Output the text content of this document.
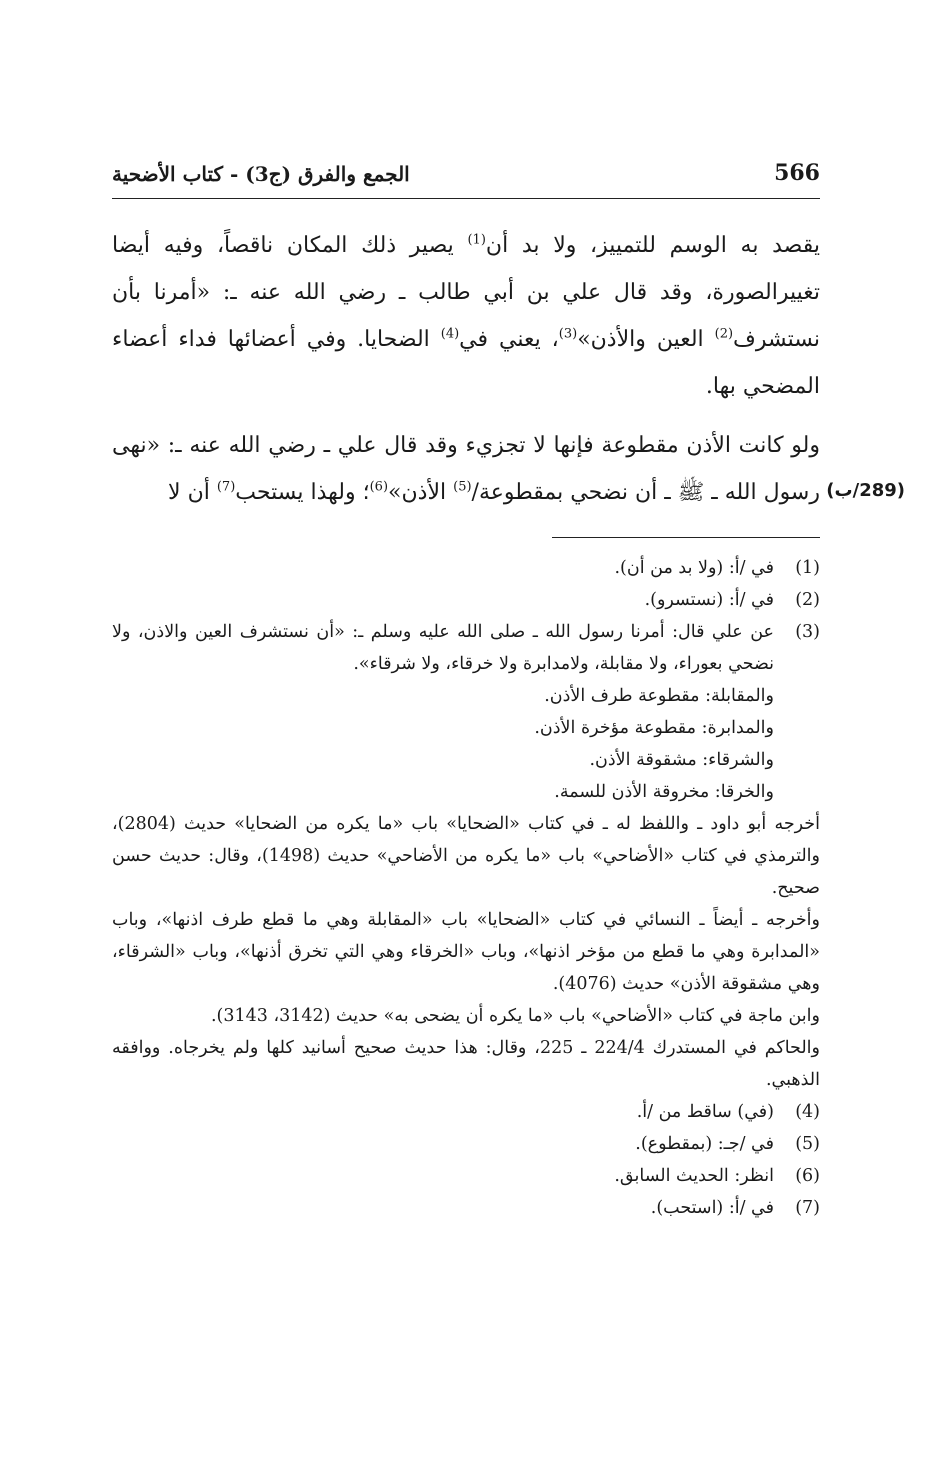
566
الجمع والفرق (ج3) - كتاب الأضحية

يقصد به الوسم للتمييز، ولا بد أن$^{(1)}$ يصير ذلك المكان ناقصاً، وفيه أيضا تغييرالصورة، وقد قال علي بن أبي طالب ـ رضي الله عنه ـ: «أمرنا بأن نستشرف$^{(2)}$ العين والأذن»$^{(3)}$، يعني في$^{(4)}$ الضحايا. وفي أعضائها فداء أعضاء المضحي بها.

ولو كانت الأذن مقطوعة فإنها لا تجزيء وقد قال علي ـ رضي الله عنه ـ: «نهى رسول الله ـ ﷺ ـ أن نضحي بمقطوعة/$^{(5)}$ الأذن»$^{(6)}$؛ ولهذا يستحب$^{(7)}$ أن لا	(289/ب)
(1)
في /أ: (ولا بد من أن).
(2)
في /أ: (نستسرو).
(3)
عن علي قال: أمرنا رسول الله ـ صلى الله عليه وسلم ـ: «أن نستشرف العين والاذن، ولا نضحي بعوراء، ولا مقابلة، ولامدابرة ولا خرقاء، ولا شرقاء».
والمقابلة: مقطوعة طرف الأذن.
والمدابرة: مقطوعة مؤخرة الأذن.
والشرقاء: مشقوقة الأذن.
والخرقا: مخروقة الأذن للسمة.
أخرجه أبو داود ـ واللفظ له ـ في كتاب «الضحايا» باب «ما يكره من الضحايا» حديث (2804)، والترمذي في كتاب «الأضاحي» باب «ما يكره من الأضاحي» حديث (1498)، وقال: حديث حسن صحيح.
وأخرجه ـ أيضاً ـ النسائي في كتاب «الضحايا» باب «المقابلة وهي ما قطع طرف اذنها»، وباب «المدابرة وهي ما قطع من مؤخر اذنها»، وباب «الخرقاء وهي التي تخرق أذنها»، وباب «الشرقاء، وهي مشقوقة الأذن» حديث (4076).
وابن ماجة في كتاب «الأضاحي» باب «ما يكره أن يضحى به» حديث (3142، 3143).
والحاكم في المستدرك 224/4 ـ 225، وقال: هذا حديث صحيح أسانيد كلها ولم يخرجاه. ووافقه الذهبي.
(4)
(في) ساقط من /أ.
(5)
في /جـ: (بمقطوع).
(6)
انظر: الحديث السابق.
(7)
في /أ: (استحب).
